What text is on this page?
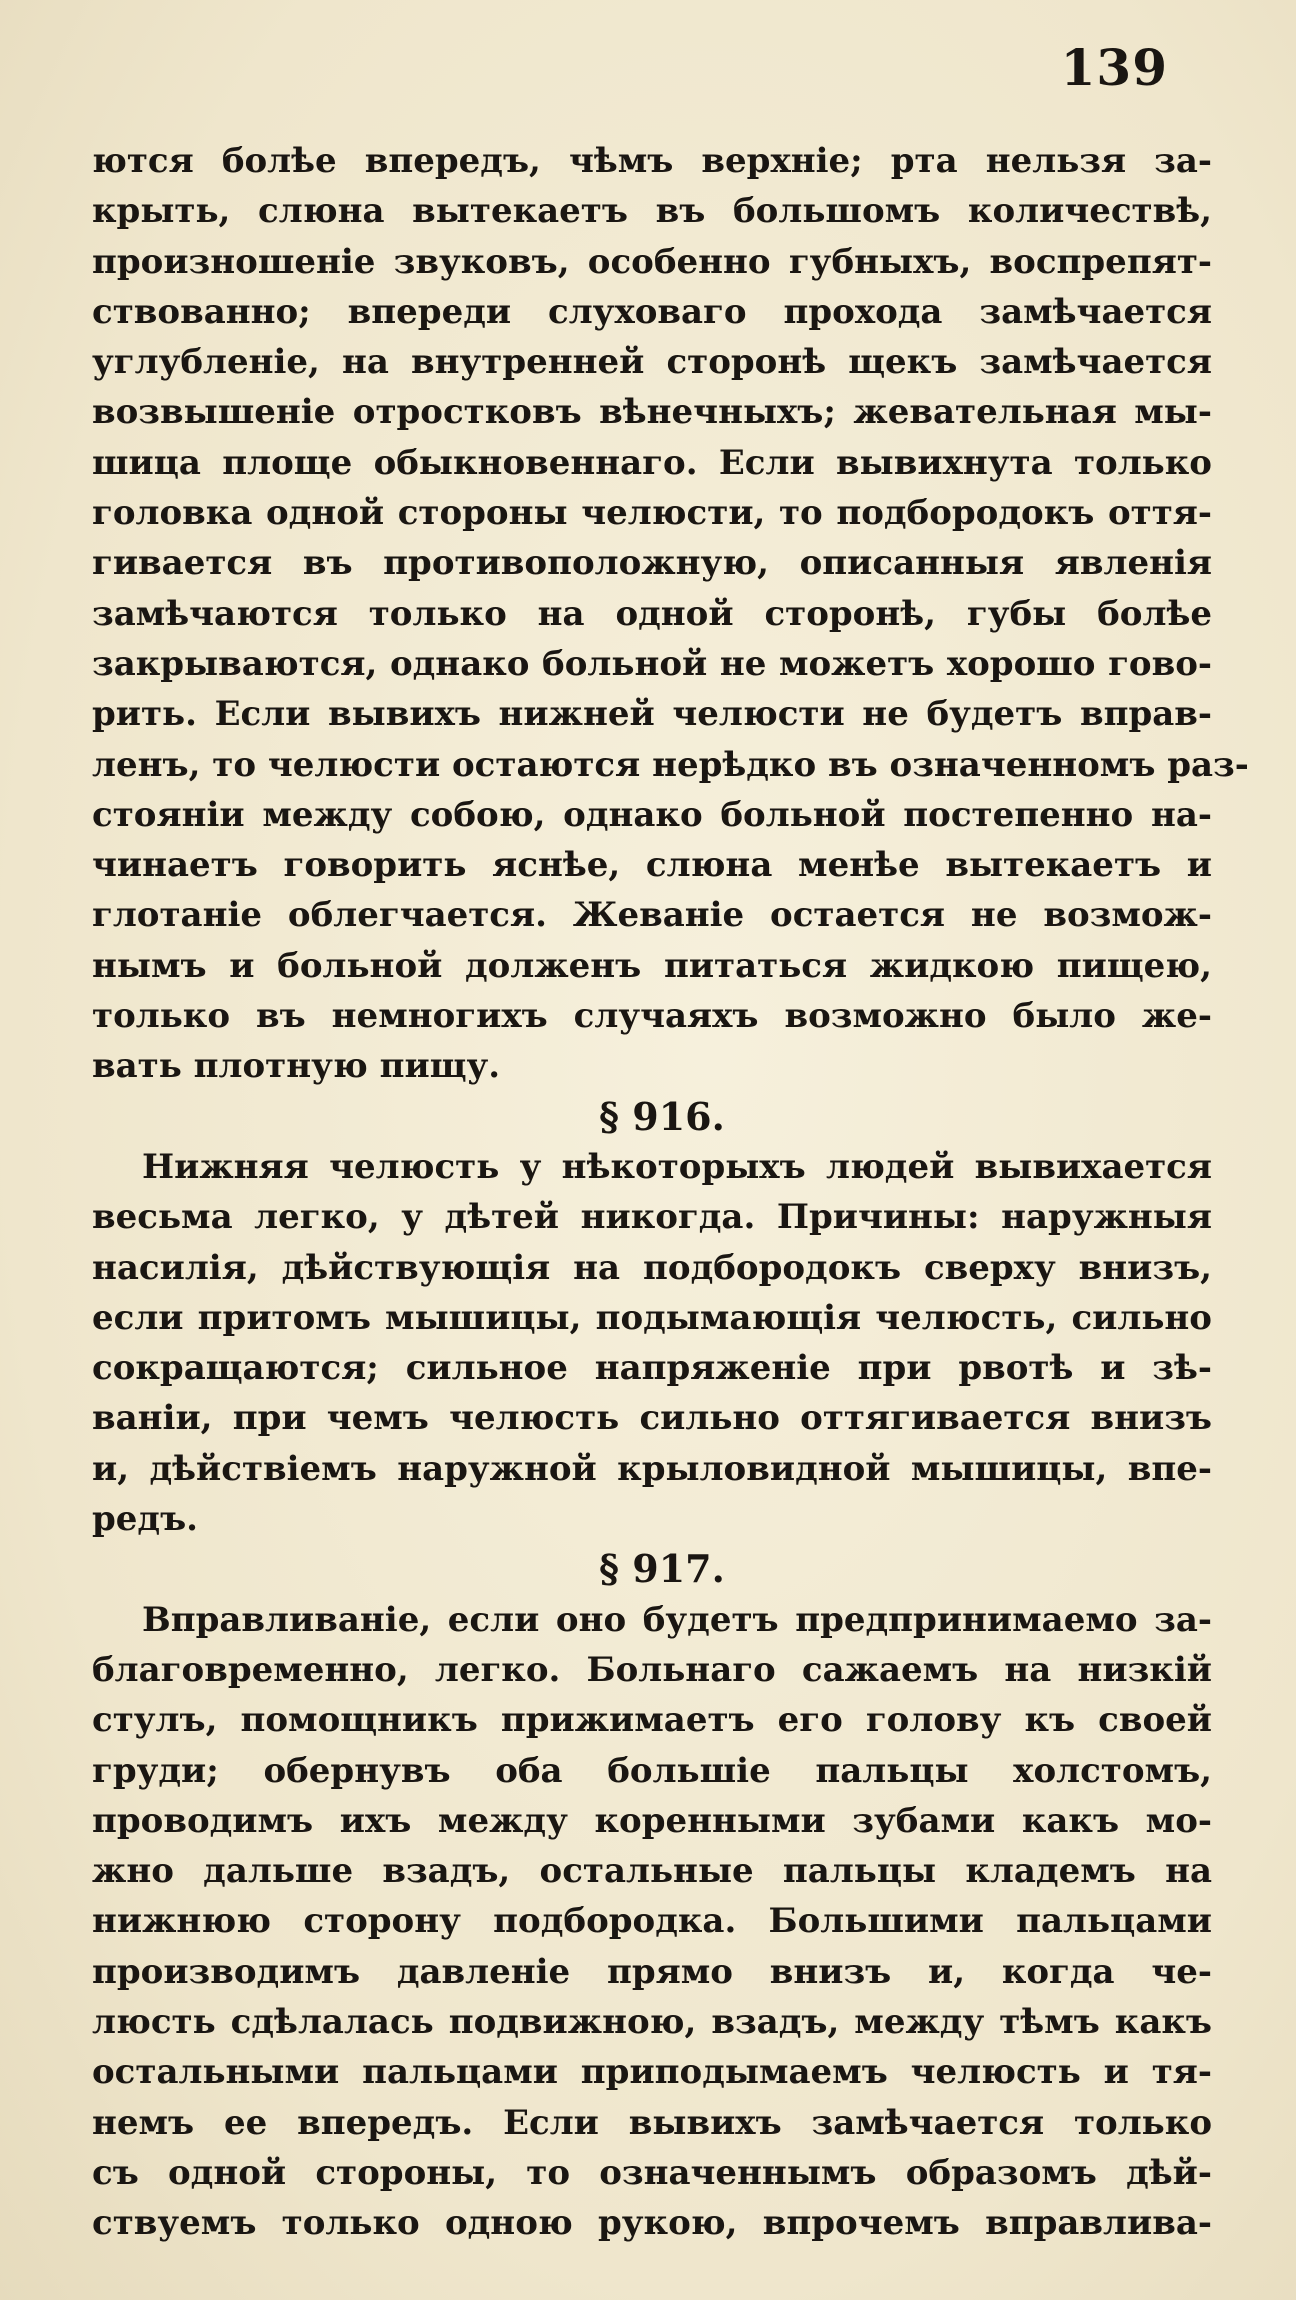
139
ются болѣе впередъ, чѣмъ верхніе; рта нельзя за-
крыть, слюна вытекаетъ въ большомъ количествѣ,
произношеніе звуковъ, особенно губныхъ, воспрепят-
ствованно; впереди слуховаго прохода замѣчается
углубленіе, на внутренней сторонѣ щекъ замѣчается
возвышеніе отростковъ вѣнечныхъ; жевательная мы-
шица площе обыкновеннаго. Если вывихнута только
головка одной стороны челюсти, то подбородокъ оття-
гивается въ противоположную, описанныя явленія
замѣчаются только на одной сторонѣ, губы болѣе
закрываются, однако больной не можетъ хорошо гово-
рить. Если вывихъ нижней челюсти не будетъ вправ-
ленъ, то челюсти остаются нерѣдко въ означенномъ раз-
стояніи между собою, однако больной постепенно на-
чинаетъ говорить яснѣе, слюна менѣе вытекаетъ и
глотаніе облегчается. Жеваніе остается не возмож-
нымъ и больной долженъ питаться жидкою пищею,
только въ немногихъ случаяхъ возможно было же-
вать плотную пищу.
§ 916.
Нижняя челюсть у нѣкоторыхъ людей вывихается
весьма легко, у дѣтей никогда. Причины: наружныя
насилія, дѣйствующія на подбородокъ сверху внизъ,
если притомъ мышицы, подымающія челюсть, сильно
сокращаются; сильное напряженіе при рвотѣ и зѣ-
ваніи, при чемъ челюсть сильно оттягивается внизъ
и, дѣйствіемъ наружной крыловидной мышицы, впе-
редъ.
§ 917.
Вправливаніе, если оно будетъ предпринимаемо за-
благовременно, легко. Больнаго сажаемъ на низкій
стулъ, помощникъ прижимаетъ его голову къ своей
груди; обернувъ оба большіе пальцы холстомъ,
проводимъ ихъ между коренными зубами какъ мо-
жно дальше взадъ, остальные пальцы кладемъ на
нижнюю сторону подбородка. Большими пальцами
производимъ давленіе прямо внизъ и, когда че-
люсть сдѣлалась подвижною, взадъ, между тѣмъ какъ
остальными пальцами приподымаемъ челюсть и тя-
немъ ее впередъ. Если вывихъ замѣчается только
съ одной стороны, то означеннымъ образомъ дѣй-
ствуемъ только одною рукою, впрочемъ вправлива-
